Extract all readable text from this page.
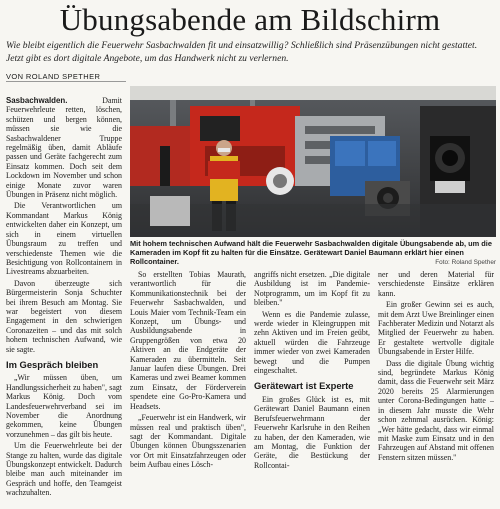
Übungsabende am Bildschirm
Wie bleibt eigentlich die Feuerwehr Sasbachwalden fit und einsatzwillig? Schließlich sind Präsenzübungen nicht gestattet. Jetzt gibt es dort digitale Angebote, um das Handwerk nicht zu verlernen.
VON ROLAND SPETHER

Sasbachwalden.	Damit Feuerwehrleute retten, löschen, schützen und bergen können, müssen sie wie die Sasbachwaldener Truppe regelmäßig üben, damit Abläufe passen und Geräte fachgerecht zum Einsatz kommen. Doch seit dem Lockdown im November und schon einige Monate zuvor waren Übungen in Präsenz nicht möglich.

Die Verantwortlichen um Kommandant Markus König entwickelten daher ein Konzept, um sich in einem virtuellen Übungsraum zu treffen und verschiedenste Themen wie die Besichtigung von Rollcontainern in Livestreams abzuarbeiten.

Davon überzeugte sich Bürgermeisterin Sonja Schuchter bei ihrem Besuch am Montag. Sie war begeistert von diesem Engagement in den schwierigen Coronazeiten – und das mit solch hohem technischen Aufwand, wie sie sagte.

Im Gespräch bleiben

„Wir müssen üben, um Handlungssicherheit zu haben", sagt Markus König. Doch vom Landesfeuerwehrverband sei im November die Anordnung gekommen, keine Übungen vorzunehmen – das gilt bis heute.

Um die Feuerwehrleute bei der Stange zu halten, wurde das digitale Übungskonzept entwickelt. Dadurch bleibe man auch miteinander im Gespräch und hoffe, den Teamgeist wachzuhalten.

Mit hohem technischen Aufwand hält die Feuerwehr Sasbachwalden digitale Übungsabende ab, um die Kameraden im Kopf fit zu halten für die Einsätze. Gerätewart Daniel Baumann erklärt hier einen Rollcontainer.	Foto: Roland Spether

So erstellten Tobias Maurath, verantwortlich für die Kommunikationstechnik bei der Feuerwehr Sasbachwalden, und Louis Maier vom Technik-Team ein Konzept, um Übungs- und Ausbildungsabende in Gruppengrößen von etwa 20 Aktiven an die Endgeräte der Kameraden zu übermitteln. Seit Januar laufen diese Übungen. Drei Kameras und zwei Beamer kommen zum Einsatz, der Förderverein spendete eine Go-Pro-Kamera und Headsets.

„Feuerwehr ist ein Handwerk, wir müssen real und praktisch üben", sagt der Kommandant. Digitale Übungen können Übungsszenarien vor Ort mit Einsatzfahrzeugen oder beim Aufbau eines Lösch-

angriffs nicht ersetzen. „Die digitale Ausbildung ist im Pandemie-Notprogramm, um im Kopf fit zu bleiben."

Wenn es die Pandemie zulasse, werde wieder in Kleingruppen mit zehn Aktiven und im Freien geübt, aktuell würden die Fahrzeuge immer wieder von zwei Kameraden bewegt und die Pumpen eingeschaltet.

Gerätewart ist Experte

Ein großes Glück ist es, mit Gerätewart Daniel Baumann einen Berufsfeuerwehrmann der Feuerwehr Karlsruhe in den Reihen zu haben, der den Kameraden, wie am Montag, die Funktion der Geräte, die Bestückung der Rollcontai-

ner und deren Material für verschiedenste Einsätze erklären kann.

Ein großer Gewinn sei es auch, mit dem Arzt Uwe Breinlinger einen Fachberater Medizin und Notarzt als Mitglied der Feuerwehr zu haben. Er gestaltete wertvolle digitale Übungsabende in Erster Hilfe.

Dass die digitale Übung wichtig sind, begründete Markus König damit, dass die Feuerwehr seit März 2020 bereits 25 Alarmierungen unter Corona-Bedingungen hatte – in diesem Jahr musste die Wehr schon zehnmal ausrücken. König: „Wer hätte gedacht, dass wir einmal mit Maske zum Einsatz und in den Fahrzeugen auf Abstand mit offenen Fenstern sitzen müssen."
